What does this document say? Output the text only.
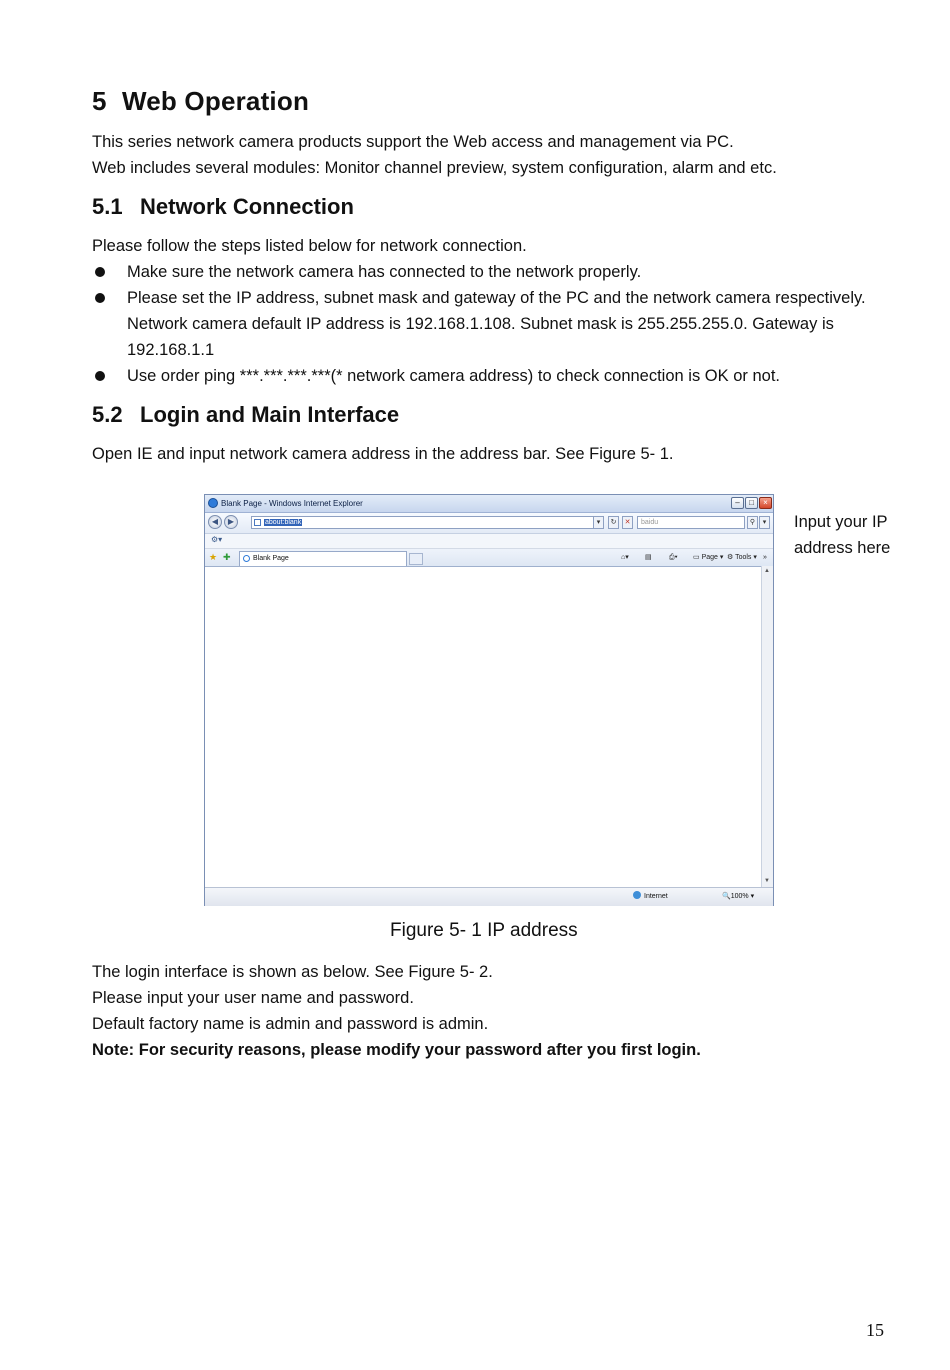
5 Web Operation
This series network camera products support the Web access and management via PC.
Web includes several modules: Monitor channel preview, system configuration, alarm and etc.
5.1 Network Connection
Please follow the steps listed below for network connection.
Make sure the network camera has connected to the network properly.
Please set the IP address, subnet mask and gateway of the PC and the network camera respectively. Network camera default IP address is 192.168.1.108. Subnet mask is 255.255.255.0. Gateway is 192.168.1.1
Use order ping ***.***.***.***(* network camera address) to check connection is OK or not.
5.2 Login and Main Interface
Open IE and input network camera address in the address bar. See Figure 5- 1.
Blank Page - Windows Internet Explorer	–	□	×
◀	▶	about:blank	▾	↻	✕	baidu	⚲	▾
⚙▾
★ ✚	Blank Page	⌂▾ ▤ ⎙▾ ▭ Page ▾ ⚙ Tools ▾ »
▲
▼
Internet	🔍100% ▾
Input your IP
address here
Figure 5- 1 IP address
The login interface is shown as below. See Figure 5- 2.
Please input your user name and password.
Default factory name is admin and password is admin.
Note: For security reasons, please modify your password after you first login.
15
